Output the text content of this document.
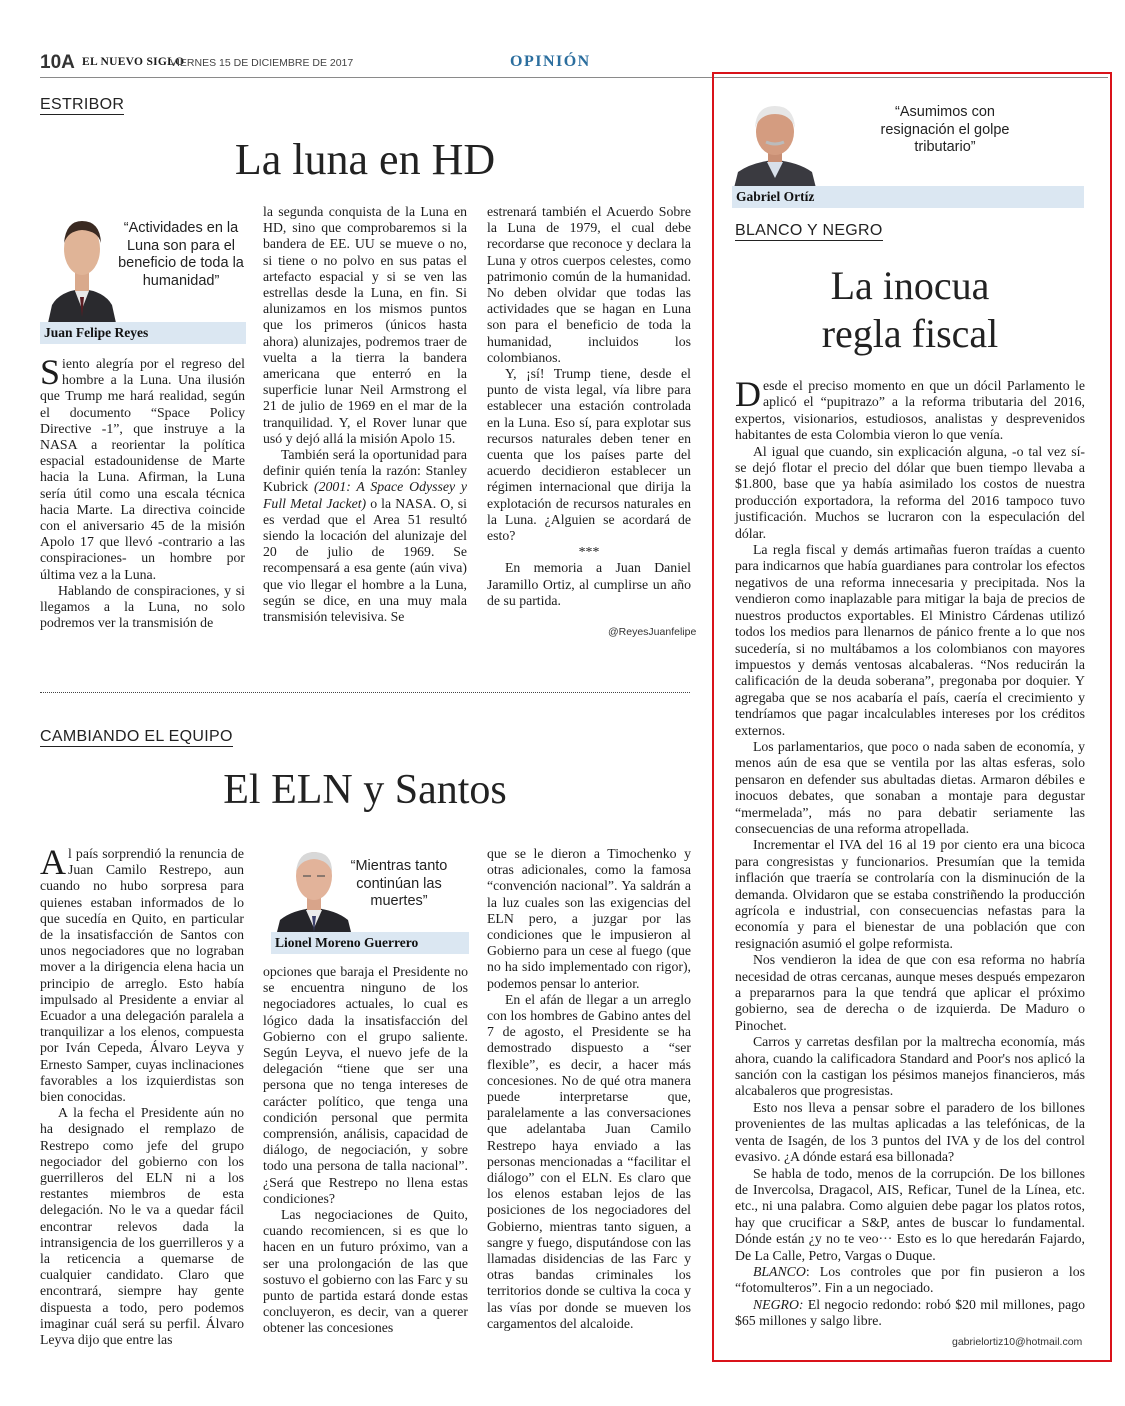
10A EL NUEVO SIGLO
VIERNES 15 DE DICIEMBRE DE 2017	OPINIÓN
ESTRIBOR
La luna en HD
“Actividades en la Luna son para el beneficio de toda la humanidad”
Juan Felipe Reyes

Siento alegría por el regreso del hombre a la Luna. Una ilusión que Trump me hará realidad, según el documento “Space Policy Directive -1”, que instruye a la NASA a reorientar la política espacial estadounidense de Marte hacia la Luna. Afirman, la Luna sería útil como una escala técnica hacia Marte. La directiva coincide con el aniversario 45 de la misión Apolo 17 que llevó -contrario a las conspiraciones- un hombre por última vez a la Luna.

Hablando de conspiraciones, y si llegamos a la Luna, no solo podremos ver la transmisión de

la segunda conquista de la Luna en HD, sino que comprobaremos si la bandera de EE. UU se mueve o no, si tiene o no polvo en sus patas el artefacto espacial y si se ven las estrellas desde la Luna, en fin. Si alunizamos en los mismos puntos que los primeros (únicos hasta ahora) alunizajes, podremos traer de vuelta a la tierra la bandera americana que enterró en la superficie lunar Neil Armstrong el 21 de julio de 1969 en el mar de la tranquilidad. Y, el Rover lunar que usó y dejó allá la misión Apolo 15.

También será la oportunidad para definir quién tenía la razón: Stanley Kubrick (2001: A Space Odyssey y Full Metal Jacket) o la NASA. O, si es verdad que el Area 51 resultó siendo la locación del alunizaje del 20 de julio de 1969. Se recompensará a esa gente (aún viva) que vio llegar el hombre a la Luna, según se dice, en una muy mala transmisión televisiva. Se

estrenará también el Acuerdo Sobre la Luna de 1979, el cual debe recordarse que reconoce y declara la Luna y otros cuerpos celestes, como patrimonio común de la humanidad. No deben olvidar que todas las actividades que se hagan en Luna son para el beneficio de toda la humanidad, incluidos los colombianos.

Y, ¡sí! Trump tiene, desde el punto de vista legal, vía libre para establecer una estación controlada en la Luna. Eso sí, para explotar sus recursos naturales deben tener en cuenta que los países parte del acuerdo decidieron establecer un régimen internacional que dirija la explotación de recursos naturales en la Luna. ¿Alguien se acordará de esto?

***

En memoria a Juan Daniel Jaramillo Ortiz, al cumplirse un año de su partida.

@ReyesJuanfelipe
CAMBIANDO EL EQUIPO
El ELN y Santos

Al país sorprendió la renuncia de Juan Camilo Restrepo, aun cuando no hubo sorpresa para quienes estaban informados de lo que sucedía en Quito, en particular de la insatisfacción de Santos con unos negociadores que no lograban mover a la dirigencia elena hacia un principio de arreglo. Esto había impulsado al Presidente a enviar al Ecuador a una delegación paralela a tranquilizar a los elenos, compuesta por Iván Cepeda, Álvaro Leyva y Ernesto Samper, cuyas inclinaciones favorables a los izquierdistas son bien conocidas.

A la fecha el Presidente aún no ha designado el remplazo de Restrepo como jefe del grupo negociador del gobierno con los guerrilleros del ELN ni a los restantes miembros de esta delegación. No le va a quedar fácil encontrar relevos dada la intransigencia de los guerrilleros y a la reticencia a quemarse de cualquier candidato. Claro que encontrará, siempre hay gente dispuesta a todo, pero podemos imaginar cuál será su perfil. Álvaro Leyva dijo que entre las

“Mientras tanto continúan las muertes”
Lionel Moreno Guerrero

opciones que baraja el Presidente no se encuentra ninguno de los negociadores actuales, lo cual es lógico dada la insatisfacción del Gobierno con el grupo saliente. Según Leyva, el nuevo jefe de la delegación “tiene que ser una persona que no tenga intereses de carácter político, que tenga una condición personal que permita comprensión, análisis, capacidad de diálogo, de negociación, y sobre todo una persona de talla nacional”. ¿Será que Restrepo no llena estas condiciones?

Las negociaciones de Quito, cuando recomiencen, si es que lo hacen en un futuro próximo, van a ser una prolongación de las que sostuvo el gobierno con las Farc y su punto de partida estará donde estas concluyeron, es decir, van a querer obtener las concesiones

que se le dieron a Timochenko y otras adicionales, como la famosa “convención nacional”. Ya saldrán a la luz cuales son las exigencias del ELN pero, a juzgar por las condiciones que le impusieron al Gobierno para un cese al fuego (que no ha sido implementado con rigor), podemos pensar lo anterior.

En el afán de llegar a un arreglo con los hombres de Gabino antes del 7 de agosto, el Presidente se ha demostrado dispuesto a “ser flexible”, es decir, a hacer más concesiones. No de qué otra manera puede interpretarse que, paralelamente a las conversaciones que adelantaba Juan Camilo Restrepo haya enviado a las personas mencionadas a “facilitar el diálogo” con el ELN. Es claro que los elenos estaban lejos de las posiciones de los negociadores del Gobierno, mientras tanto siguen, a sangre y fuego, disputándose con las llamadas disidencias de las Farc y otras bandas criminales los territorios donde se cultiva la coca y las vías por donde se mueven los cargamentos del alcaloide.

“Asumimos con resignación el golpe tributario”
Gabriel Ortíz
BLANCO Y NEGRO
La inocua
regla fiscal

Desde el preciso momento en que un dócil Parlamento le aplicó el “pupitrazo” a la reforma tributaria del 2016, expertos, visionarios, estudiosos, analistas y desprevenidos habitantes de esta Colombia vieron lo que venía.

Al igual que cuando, sin explicación alguna, -o tal vez sí- se dejó flotar el precio del dólar que buen tiempo llevaba a $1.800, base que ya había asimilado los costos de nuestra producción exportadora, la reforma del 2016 tampoco tuvo justificación. Muchos se lucraron con la especulación del dólar.

La regla fiscal y demás artimañas fueron traídas a cuento para indicarnos que había guardianes para controlar los efectos negativos de una reforma innecesaria y precipitada. Nos la vendieron como inaplazable para mitigar la baja de precios de nuestros productos exportables. El Ministro Cárdenas utilizó todos los medios para llenarnos de pánico frente a lo que nos sucedería, si no multábamos a los colombianos con mayores impuestos y demás ventosas alcabaleras. “Nos reducirán la calificación de la deuda soberana”, pregonaba por doquier. Y agregaba que se nos acabaría el país, caería el crecimiento y tendríamos que pagar incalculables intereses por los créditos externos.

Los parlamentarios, que poco o nada saben de economía, y menos aún de esa que se ventila por las altas esferas, solo pensaron en defender sus abultadas dietas. Armaron débiles e inocuos debates, que sonaban a montaje para degustar “mermelada”, más no para debatir seriamente las consecuencias de una reforma atropellada.

Incrementar el IVA del 16 al 19 por ciento era una bicoca para congresistas y funcionarios. Presumían que la temida inflación que traería se controlaría con la disminución de la demanda. Olvidaron que se estaba constriñendo la producción agrícola e industrial, con consecuencias nefastas para la economía y para el bienestar de una población que con resignación asumió el golpe reformista.

Nos vendieron la idea de que con esa reforma no habría necesidad de otras cercanas, aunque meses después empezaron a prepararnos para la que tendrá que aplicar el próximo gobierno, sea de derecha o de izquierda. De Maduro o Pinochet.

Carros y carretas desfilan por la maltrecha economía, más ahora, cuando la calificadora Standard and Poor's nos aplicó la sanción con la castigan los pésimos manejos financieros, más alcabaleros que progresistas.

Esto nos lleva a pensar sobre el paradero de los billones provenientes de las multas aplicadas a las telefónicas, de la venta de Isagén, de los 3 puntos del IVA y de los del control evasivo. ¿A dónde estará esa billonada?

Se habla de todo, menos de la corrupción. De los billones de Invercolsa, Dragacol, AIS, Reficar, Tunel de la Línea, etc. etc., ni una palabra. Como alguien debe pagar los platos rotos, hay que crucificar a S&P, antes de buscar lo fundamental. Dónde están ¿y no te veo··· Esto es lo que heredarán Fajardo, De La Calle, Petro, Vargas o Duque.

BLANCO: Los controles que por fin pusieron a los “fotomulteros”. Fin a un negociado.

NEGRO: El negocio redondo: robó $20 mil millones, pago $65 millones y salgo libre.

gabrielortiz10@hotmail.com
